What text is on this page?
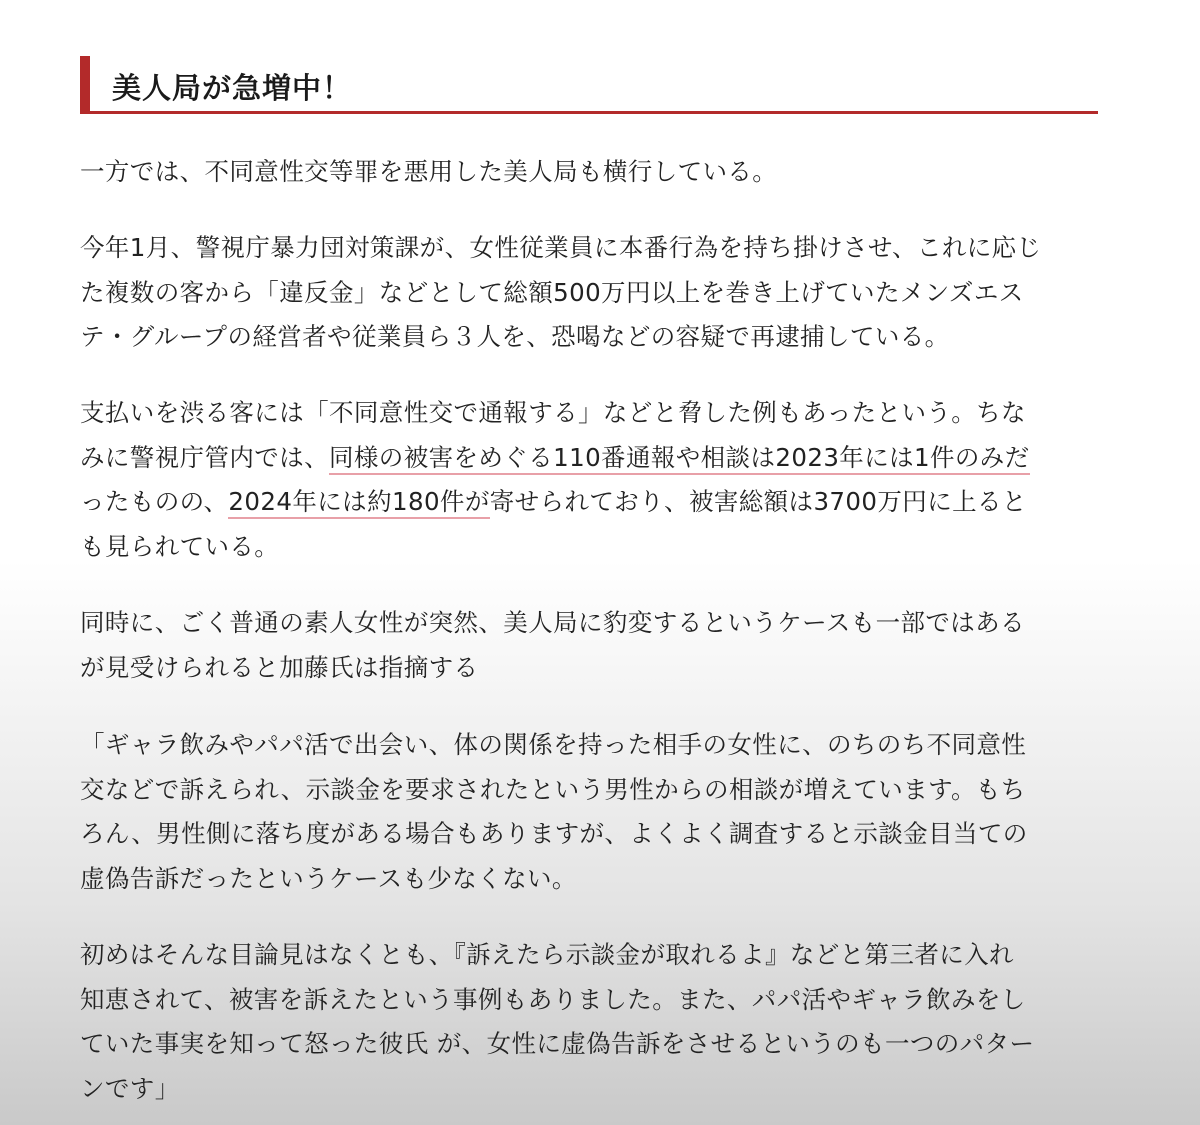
美人局が急増中！

一方では、不同意性交等罪を悪用した美人局も横行している。

今年1月、警視庁暴力団対策課が、女性従業員に本番行為を持ち掛けさせ、これに応じ
た複数の客から「違反金」などとして総額500万円以上を巻き上げていたメンズエス
テ・グループの経営者や従業員ら３人を、恐喝などの容疑で再逮捕している。

支払いを渋る客には「不同意性交で通報する」などと脅した例もあったという。ちな
みに警視庁管内では、同様の被害をめぐる110番通報や相談は2023年には1件のみだ
ったものの、2024年には約180件が寄せられており、被害総額は3700万円に上ると
も見られている。

同時に、ごく普通の素人女性が突然、美人局に豹変するというケースも一部ではある
が見受けられると加藤氏は指摘する

「ギャラ飲みやパパ活で出会い、体の関係を持った相手の女性に、のちのち不同意性
交などで訴えられ、示談金を要求されたという男性からの相談が増えています。もち
ろん、男性側に落ち度がある場合もありますが、よくよく調査すると示談金目当ての
虚偽告訴だったというケースも少なくない。

初めはそんな目論見はなくとも、『訴えたら示談金が取れるよ』などと第三者に入れ
知恵されて、被害を訴えたという事例もありました。また、パパ活やギャラ飲みをし
ていた事実を知って怒った彼氏 が、女性に虚偽告訴をさせるというのも一つのパター
ンです」
